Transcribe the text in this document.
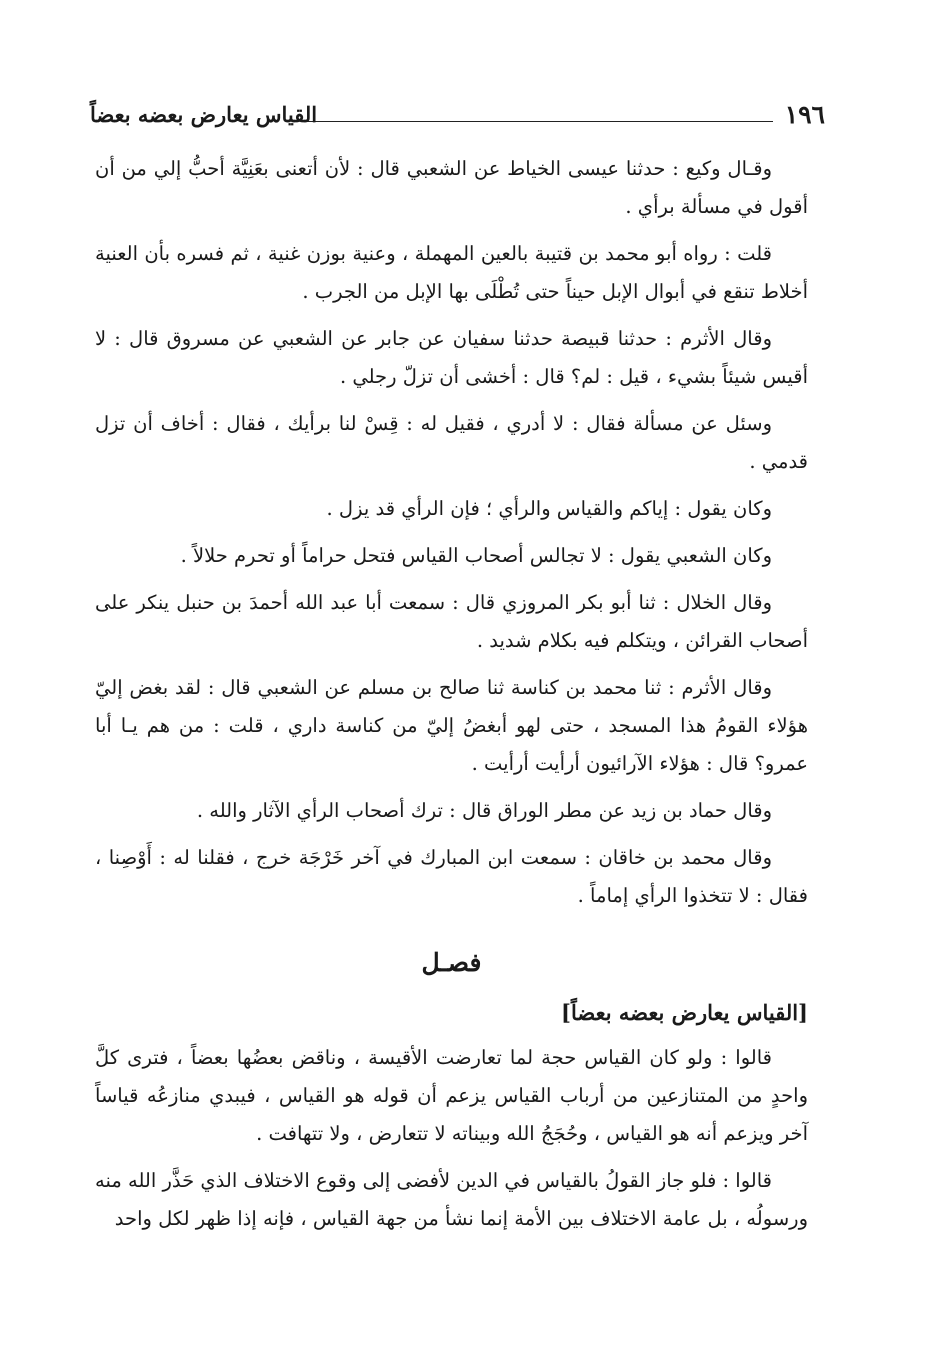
١٩٦
القياس يعارض بعضه بعضاً

وقـال وكيع : حدثنا عيسى الخياط عن الشعبي قال : لأن أتعنى بعَنِيَّة أحبُّ إلي من أن أقول في مسألة برأي .

قلت : رواه أبو محمد بن قتيبة بالعين المهملة ، وعنية بوزن غنية ، ثم فسره بأن العنية أخلاط تنقع في أبوال الإبل حيناً حتى تُطْلَى بها الإبل من الجرب .

وقال الأثرم : حدثنا قبيصة حدثنا سفيان عن جابر عن الشعبي عن مسروق قال : لا أقيس شيئاً بشيء ، قيل : لم؟ قال : أخشى أن تزلّ رجلي .

وسئل عن مسألة فقال : لا أدري ، فقيل له : قِسْ لنا برأيك ، فقال : أخاف أن تزل قدمي .

وكان يقول : إياكم والقياس والرأي ؛ فإن الرأي قد يزل .

وكان الشعبي يقول : لا تجالس أصحاب القياس فتحل حراماً أو تحرم حلالاً .

وقال الخلال : ثنا أبو بكر المروزي قال : سمعت أبا عبد الله أحمدَ بن حنبل ينكر على أصحاب القرائن ، ويتكلم فيه بكلام شديد .

وقال الأثرم : ثنا محمد بن كناسة ثنا صالح بن مسلم عن الشعبي قال : لقد بغض إليّ هؤلاء القومُ هذا المسجد ، حتى لهو أبغضُ إليّ من كناسة داري ، قلت : من هم يـا أبا عمرو؟ قال : هؤلاء الآرائيون أرأيت أرأيت .

وقال حماد بن زيد عن مطر الوراق قال : ترك أصحاب الرأي الآثار والله .

وقال محمد بن خاقان : سمعت ابن المبارك في آخر خَرْجَة خرج ، فقلنا له : أَوْصِنا ، فقال : لا تتخذوا الرأي إماماً .

فصـل
[القياس يعارض بعضه بعضاً]

قالوا : ولو كان القياس حجة لما تعارضت الأقيسة ، وناقض بعضُها بعضاً ، فترى كلَّ واحدٍ من المتنازعين من أرباب القياس يزعم أن قوله هو القياس ، فيبدي منازعُه قياساً آخر ويزعم أنه هو القياس ، وحُجَجُ الله وبيناته لا تتعارض ، ولا تتهافت .

قالوا : فلو جاز القولُ بالقياس في الدين لأفضى إلى وقوع الاختلاف الذي حَذَّر الله منه ورسولُه ، بل عامة الاختلاف بين الأمة إنما نشأ من جهة القياس ، فإنه إذا ظهر لكل واحد
